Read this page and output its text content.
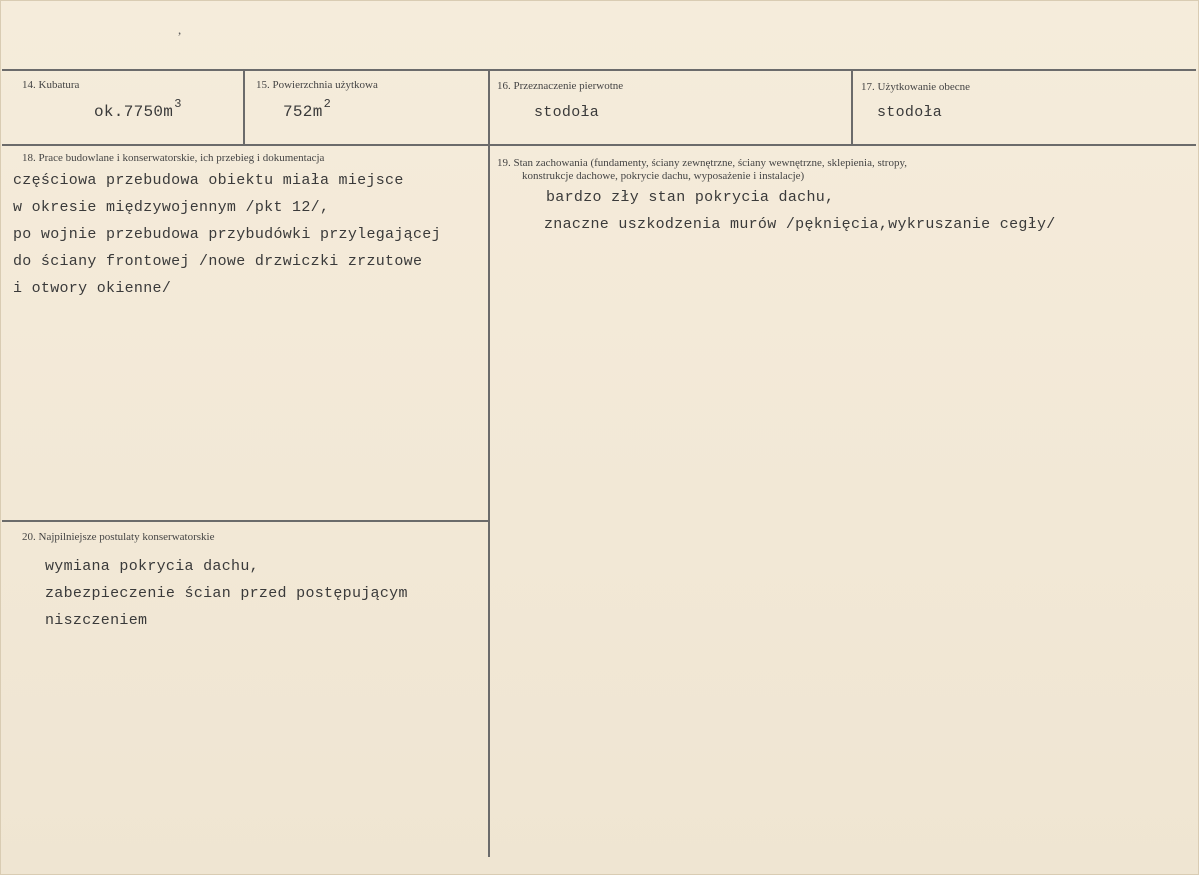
,
14. Kubatura
$ok.7750m^3$
15. Powierzchnia użytkowa
$752m^2$
16. Przeznaczenie pierwotne
stodoła
17. Użytkowanie obecne
stodoła
18. Prace budowlane i konserwatorskie, ich przebieg i dokumentacja
częściowa przebudowa obiektu miała miejsce
w okresie międzywojennym /pkt 12/,
po wojnie przebudowa przybudówki przylegającej
do ściany frontowej /nowe drzwiczki zrzutowe
i otwory okienne/
19. Stan zachowania (fundamenty, ściany zewnętrzne, ściany wewnętrzne, sklepienia, stropy,
konstrukcje dachowe, pokrycie dachu, wyposażenie i instalacje)
bardzo zły stan pokrycia dachu,
znaczne uszkodzenia murów /pęknięcia,wykruszanie cegły/
20. Najpilniejsze postulaty konserwatorskie
wymiana pokrycia dachu,
zabezpieczenie ścian przed postępującym
niszczeniem
